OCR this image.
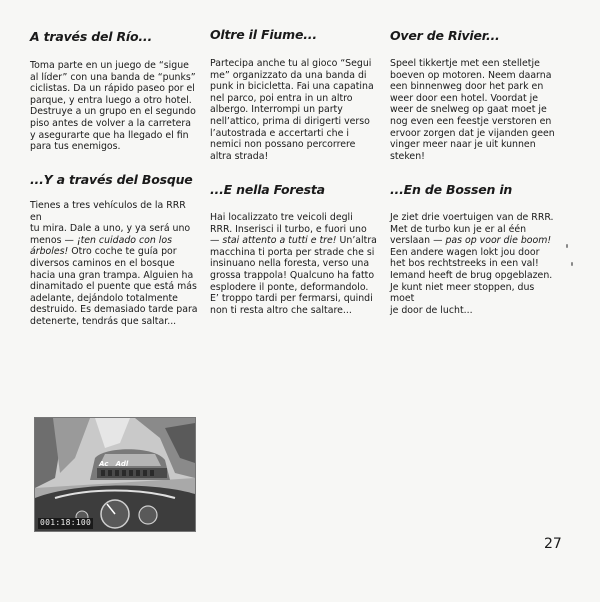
A través del Río...

Toma parte en un juego de “sigue
al líder” con una banda de “punks”
ciclistas. Da un rápido paseo por el
parque, y entra luego a otro hotel.
Destruye a un grupo en el segundo
piso antes de volver a la carretera
y asegurarte que ha llegado el fin
para tus enemigos.

...Y a través del Bosque

Tienes a tres vehículos de la RRR en
tu mira. Dale a uno, y ya será uno
menos — ¡ten cuidado con los
árboles! Otro coche te guía por
diversos caminos en el bosque
hacia una gran trampa. Alguien ha
dinamitado el puente que está más
adelante, dejándolo totalmente
destruido. Es demasiado tarde para
detenerte, tendrás que saltar...

Oltre il Fiume...

Partecipa anche tu al gioco “Segui
me” organizzato da una banda di
punk in bicicletta. Fai una capatina
nel parco, poi entra in un altro
albergo. Interrompi un party
nell’attico, prima di dirigerti verso
l’autostrada e accertarti che i
nemici non possano percorrere
altra strada!

...E nella Foresta

Hai localizzato tre veicoli degli
RRR. Inserisci il turbo, e fuori uno
— stai attento a tutti e tre! Un’altra
macchina ti porta per strade che si
insinuano nella foresta, verso una
grossa trappola! Qualcuno ha fatto
esplodere il ponte, deformandolo.
E’ troppo tardi per fermarsi, quindi
non ti resta altro che saltare...

Over de Rivier...

Speel tikkertje met een stelletje
boeven op motoren. Neem daarna
een binnenweg door het park en
weer door een hotel. Voordat je
weer de snelweg op gaat moet je
nog even een feestje verstoren en
ervoor zorgen dat je vijanden geen
vinger meer naar je uit kunnen
steken!

...En de Bossen in

Je ziet drie voertuigen van de RRR.
Met de turbo kun je er al één
verslaan — pas op voor die boom!
Een andere wagen lokt jou door
het bos rechtstreeks in een val!
Iemand heeft de brug opgeblazen.
Je kunt niet meer stoppen, dus moet
je door de lucht...

001:18:100
Ac   Adl
27
